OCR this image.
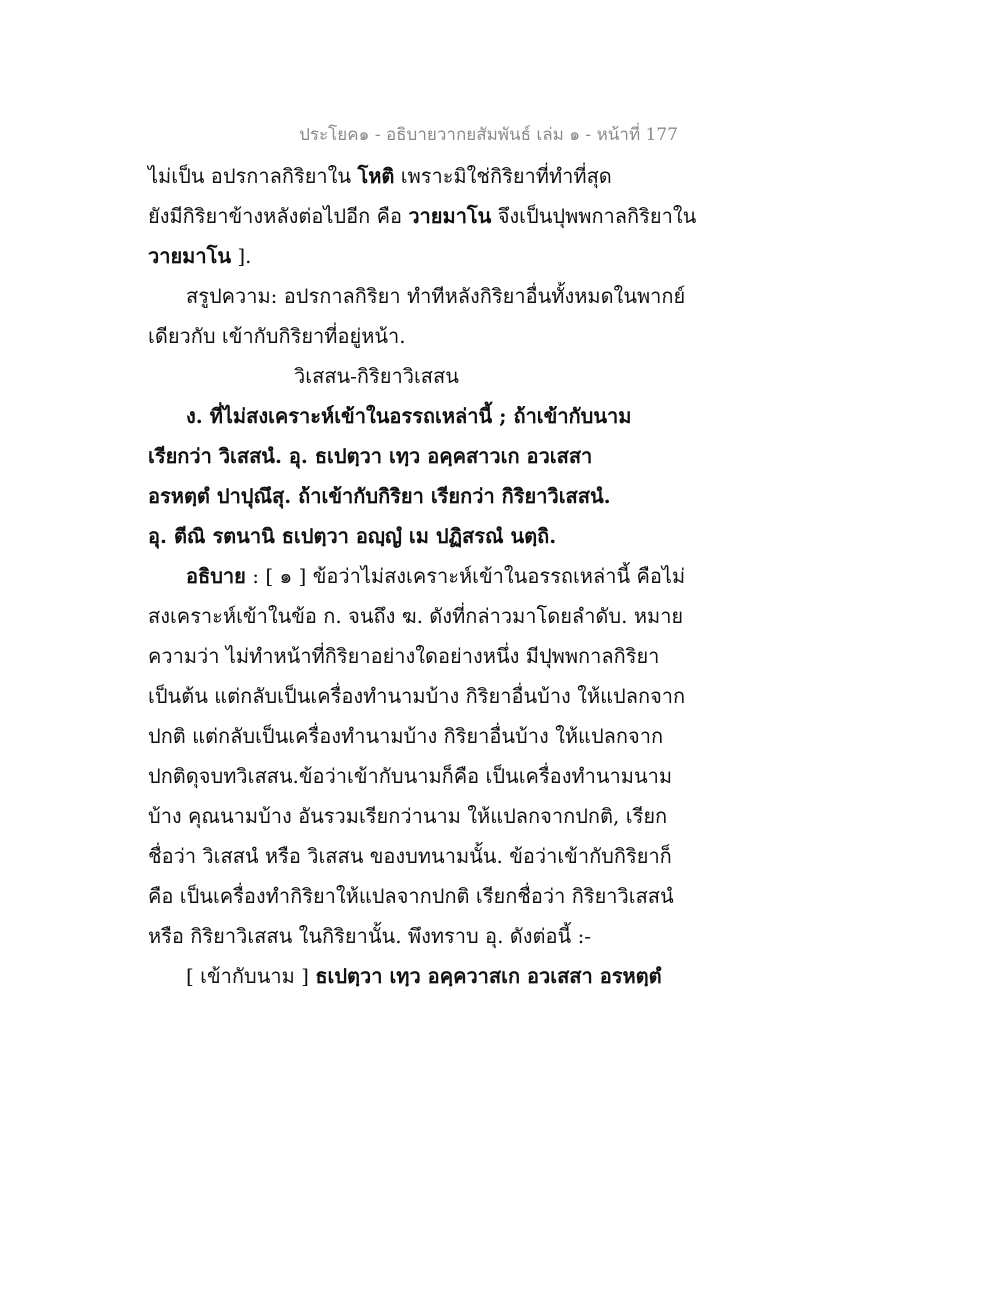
ประโยค๑ - อธิบายวากยสัมพันธ์ เล่ม ๑ - หน้าที่ 177
ไม่เป็น อปรกาลกิริยาใน โหติ เพราะมิใช่กิริยาที่ทำที่สุด
ยังมีกิริยาข้างหลังต่อไปอีก คือ วายมาโน จึงเป็นปุพพกาลกิริยาใน
วายมาโน ].
สรูปความ: อปรกาลกิริยา ทำทีหลังกิริยาอื่นทั้งหมดในพากย์
เดียวกับ เข้ากับกิริยาที่อยู่หน้า.
วิเสสน-กิริยาวิเสสน
ง. ที่ไม่สงเคราะห์เข้าในอรรถเหล่านี้ ; ถ้าเข้ากับนาม
เรียกว่า วิเสสนํ. อุ. ธเปตฺวา เทฺว อคฺคสาวเก อวเสสา
อรหตฺตํ ปาปุณึสุ. ถ้าเข้ากับกิริยา เรียกว่า กิริยาวิเสสนํ.
อุ. ตีณิ รตนานิ ธเปตฺวา อญฺญํ เม ปฏิสรณํ นตฺถิ.
อธิบาย : [ ๑ ] ข้อว่าไม่สงเคราะห์เข้าในอรรถเหล่านี้ คือไม่
สงเคราะห์เข้าในข้อ ก. จนถึง ฆ. ดังที่กล่าวมาโดยลำดับ. หมาย
ความว่า ไม่ทำหน้าที่กิริยาอย่างใดอย่างหนึ่ง มีปุพพกาลกิริยา
เป็นต้น แต่กลับเป็นเครื่องทำนามบ้าง กิริยาอื่นบ้าง ให้แปลกจาก
ปกติ แต่กลับเป็นเครื่องทำนามบ้าง กิริยาอื่นบ้าง ให้แปลกจาก
ปกติดุจบทวิเสสน.ข้อว่าเข้ากับนามก็คือ เป็นเครื่องทำนามนาม
บ้าง คุณนามบ้าง อันรวมเรียกว่านาม ให้แปลกจากปกติ, เรียก
ชื่อว่า วิเสสนํ หรือ วิเสสน ของบทนามนั้น. ข้อว่าเข้ากับกิริยาก็
คือ เป็นเครื่องทำกิริยาให้แปลจากปกติ เรียกชื่อว่า กิริยาวิเสสนํ
หรือ กิริยาวิเสสน ในกิริยานั้น. พึงทราบ อุ. ดังต่อนี้ :-
[ เข้ากับนาม ] ธเปตฺวา เทฺว อคฺควาสเก อวเสสา อรหตฺตํ
